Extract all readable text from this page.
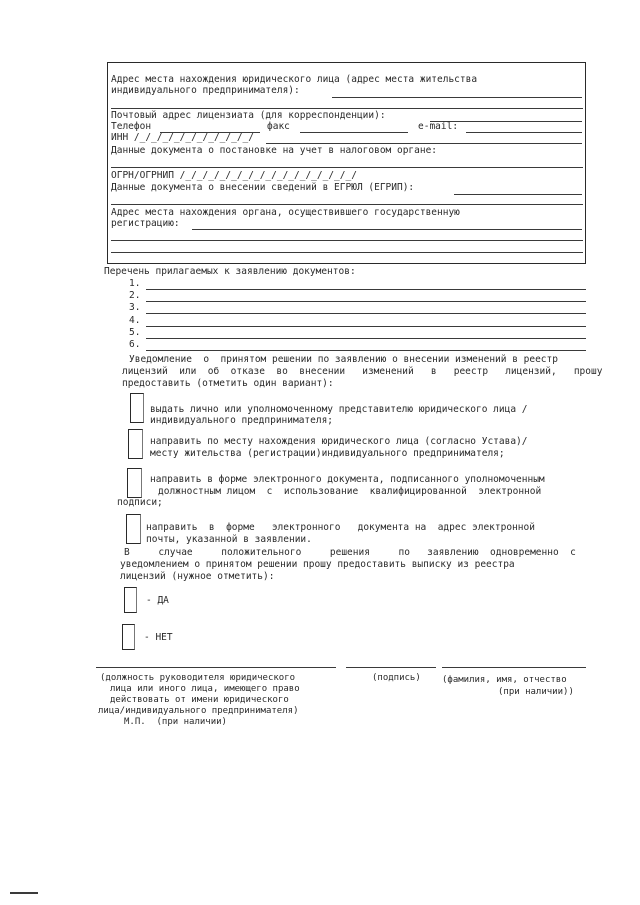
Адрес места нахождения юридического лица (адрес места жительства
индивидуального предпринимателя):
Почтовый адрес лицензиата (для корреспонденции):
Телефон	факс	e-mail:
ИНН /_/_/_/_/_/_/_/_/_/_/
Данные документа о постановке на учет в налоговом органе:
ОГРН/ОГРНИП /_/_/_/_/_/_/_/_/_/_/_/_/_/_/_/
Данные документа о внесении сведений в ЕГРЮЛ (ЕГРИП):
Адрес места нахождения органа, осуществившего государственную
регистрацию:
Перечень прилагаемых к заявлению документов:
1.
2.
3.
4.
5.
6.
Уведомление  о  принятом решении по заявлению о внесении изменений в реестр
лицензий  или  об  отказе  во  внесении   изменений   в   реестр   лицензий,   прошу
предоставить (отметить один вариант):
выдать лично или уполномоченному представителю юридического лица /
индивидуального предпринимателя;
направить по месту нахождения юридического лица (согласно Устава)/
месту жительства (регистрации)индивидуального предпринимателя;
направить в форме электронного документа, подписанного уполномоченным
должностным лицом  с  использование  квалифицированной  электронной
подписи;
направить  в  форме   электронного   документа на  адрес электронной
почты, указанной в заявлении.
В     случае     положительного     решения     по   заявлению  одновременно  с
уведомлением о принятом решении прошу предоставить выписку из реестра
лицензий (нужное отметить):
- ДА
- НЕТ
(должность руководителя юридического
лица или иного лица, имеющего право
действовать от имени юридического
лица/индивидуального предпринимателя)
М.П.  (при наличии)
(подпись) (фамилия, имя, отчество
(при наличии))
